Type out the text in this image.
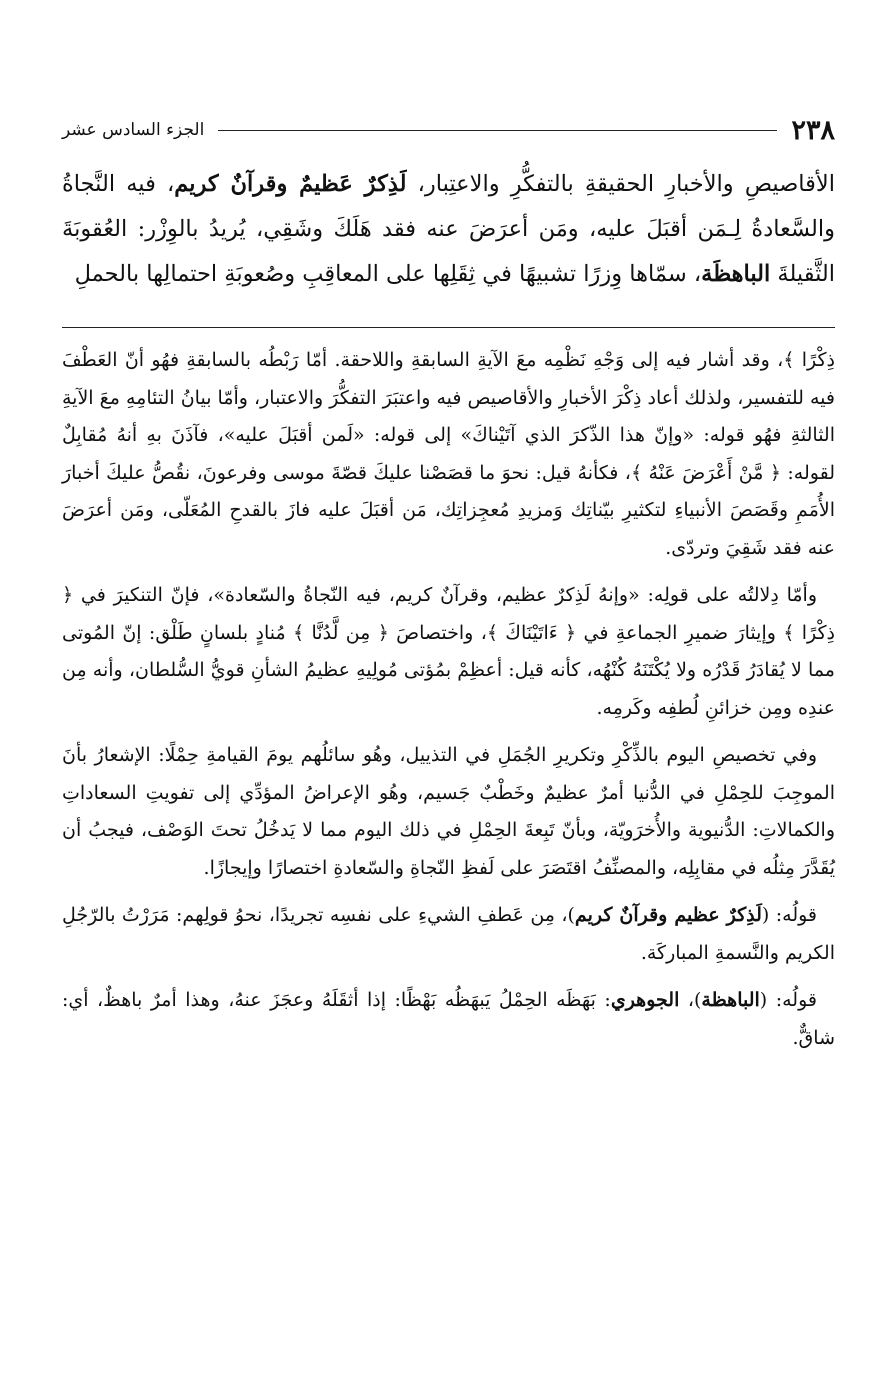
٢٣٨
الجزء السادس عشر

الأقاصيصِ والأخبارِ الحقيقةِ بالتفكُّرِ والاعتِبار، لَذِكرٌ عَظيمٌ وقرآنٌ كريم، فيه النَّجاةُ والسَّعادةُ لِـمَن أقبَلَ عليه، ومَن أعرَضَ عنه فقد هَلَكَ وشَقِي، يُريدُ بالوِزْر: العُقوبَةَ الثَّقيلةَ الباهظَة، سمّاها وِزرًا تشبيهًا في ثِقَلِها على المعاقِبِ وصُعوبَةِ احتمالِها بالحملِ

ذِكْرًا ﴾، وقد أشار فيه إلى وَجْهِ نَظْمِه معَ الآيةِ السابقةِ واللاحقة. أمّا رَبْطُه بالسابقةِ فهُو أنّ العَطْفَ فيه للتفسير، ولذلك أعاد ذِكْرَ الأخبارِ والأقاصيص فيه واعتبَرَ التفكُّرَ والاعتبار، وأمّا بيانُ التئامِهِ معَ الآيةِ الثالثةِ فهُو قوله: «وإنّ هذا الذّكرَ الذي آتَيْناكَ» إلى قوله: «لَمن أقبَلَ عليه»، فآذَنَ بهِ أنهُ مُقابِلٌ لقوله: ﴿ مَّنْ أَعْرَضَ عَنْهُ ﴾، فكأنهُ قيل: نحوَ ما قصَصْنا عليكَ قصّةَ موسى وفرعونَ، نقُصُّ عليكَ أخبارَ الأُمَمِ وقَصَصَ الأنبياءِ لتكثيرِ بيّناتِك وَمزيدِ مُعجِزاتِك، مَن أقبَلَ عليه فازَ بالقدحِ المُعَلّى، ومَن أعرَضَ عنه فقد شَقِيَ وتردّى.

وأمّا دِلالتُه على قولِه: «وإنهُ لَذِكرٌ عظيم، وقرآنٌ كريم، فيه النّجاةُ والسّعادة»، فإنّ التنكيرَ في ﴿ ذِكْرًا ﴾ وإيثارَ ضميرِ الجماعةِ في ﴿ ءَاتَيْنَاكَ ﴾، واختصاصَ ﴿ مِن لَّدُنَّا ﴾ مُنادٍ بلسانٍ طَلْق: إنّ المُوتى مما لا يُقادَرُ قَدْرُه ولا يُكْتَنَهُ كُنْهُه، كأنه قيل: أعظِمْ بمُؤتى مُولِيهِ عظيمُ الشأنِ قويُّ السُّلطان، وأنه مِن عندِه ومِن خزائنِ لُطفِه وكَرمِه.

وفي تخصيصِ اليوم بالذِّكْرِ وتكريرِ الجُمَلِ في التذييل، وهُو سائلُهم يومَ القيامةِ حِمْلًا: الإشعارُ بأنَ الموجِبَ للحِمْلِ في الدُّنيا أمرٌ عظيمٌ وخَطْبٌ جَسيم، وهُو الإعراضُ المؤدِّي إلى تفويتِ السعاداتِ والكمالاتِ: الدُّنيوية والأُخرَويّة، وبأنّ تَبِعةَ الحِمْلِ في ذلك اليوم مما لا يَدخُلُ تحتَ الوَصْف، فيجبُ أن يُقَدَّرَ مِثلُه في مقابِلِه، والمصنِّفُ اقتَصَرَ على لَفظِ النّجاةِ والسّعادةِ اختصارًا وإيجازًا.

قولُه: (لَذِكرٌ عظيم وقرآنٌ كريم)، مِن عَطفِ الشيءِ على نفسِه تجريدًا، نحوُ قولِهم: مَرَرْتُ بالرّجُلِ الكريم والنَّسمةِ المباركَة.

قولُه: (الباهظة)، الجوهري: بَهَظَه الحِمْلُ يَبهَظُه بَهْظًا: إذا أثقَلَهُ وعجَزَ عنهُ، وهذا أمرٌ باهظٌ، أي: شاقٌّ.
